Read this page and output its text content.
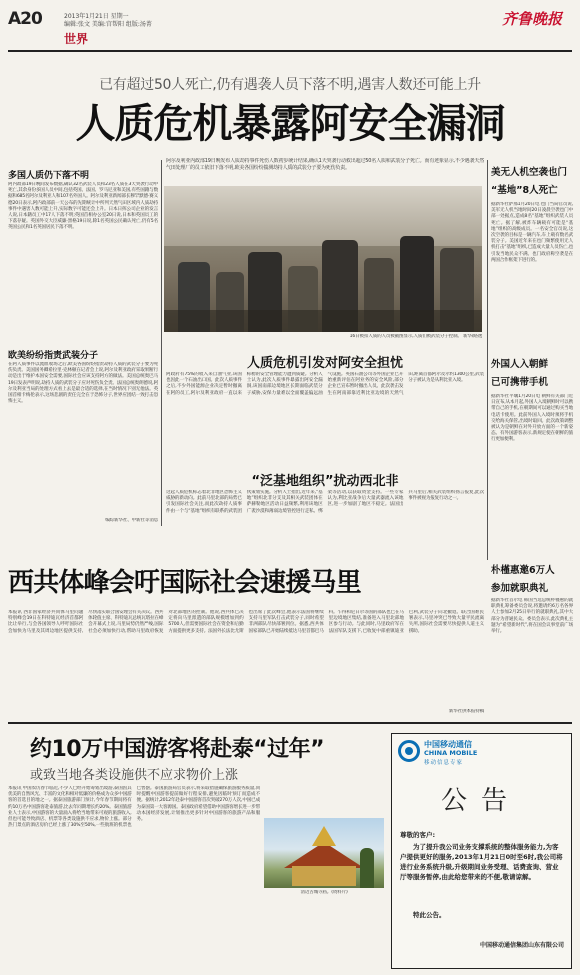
A20	2013年1月21日 星期一
编辑:张文 美编:宫帮阳 组版:汤菁
世界
齐鲁晚报
已有超过50人死亡,仍有遇袭人员下落不明,遇害人数还可能上升
人质危机暴露阿安全漏洞
阿尔及利亚内政部19日晚发布人质劫持事件死伤人数初步统计结果,确认1天突袭行动救出超过50名人质和武装分子死亡。而有迹象显示,不少遇袭天然气田处理厂的员工依旧下落不明,欧美各国纷纷揣测劫持人质的武装分子要为死伤负责。
16日被扣人质的人员被截图显示,人质们被武装分子控制。 新华/路透
多国人质仍下落不明
阿内政部19日晚间发布数据,确认32名武装人员和23名人质在3天突袭行动中死亡,其余身份多国人员中间,包括英国、法国、罗马尼亚和美国,有些国籍与数据和685名阿尔及利亚人和107名外国人。阿尔及利亚新闻部长穆罕默德·赛义德20日表示,阿内政部前一天公布的先期统计中所列天然气田区域内人质劫持事件中遇害人数可能上升,实际数字可能还会上升。日本日挥公司企业的发言人说,日本籍员工中17人下落不明;英国首相办公室20日说,日本和英国员工的下落存疑。英国外交大臣威廉·黑格19日说,除1名英国公民确认死亡,仍有5名英国公民和1名英国居民下落不明。
欧美纷纷指责武装分子
在阿人质事件以流血收场之后,欧美各国纷纷指责劫持人质的武装分子要为死伤负责。美国国务卿希拉里·克林顿在记者会上说,阿尔及利亚政府采取果断行动是出于维护本国安全需要,国际社会应该支持阿方的做法。美国总统奥巴马19日发表声明说,劫持人质的武装分子应对死伤负全责。法国总统奥朗德说,阿尔及利亚当局的处理方式看上去是最合适的选择,在当时情况下别无他法。英国首相卡梅伦表示,这场悲剧的责任完全在于恐怖分子,世界应团结一致打击恐怖主义。
编综新华社、中新社等消息
人质危机引发对阿安全担忧
阿政府有75%的收入来自油气业,该国也因此一个石油出口国。此次人质事件之后,不少外国能源企业决定暂时撤离在阿的员工,阿尔及利亚政府一直以来标榜的安全管理能力遭到质疑。分析人士认为,此次人质事件暴露出阿安全漏洞,该国南部边境地区长期面临武装分子威胁,安保力量难以全面覆盖偏远油气设施。英国石油公司等外国企业已开始重新评估在阿业务的安全风险,部分企业已宣布暂时撤出人员。此次袭击发生在阿南部靠近利比亚边境的天然气田,距离首都阿尔及尔约1300公里,武装分子被认为是从利比亚入境。
“泛基地组织”扰动西北非
这起人质危机标志着北非地区恐怖主义威胁的新动向。此前马里北部的局势已引发国际社会关注,而此次劫持人质事件由一个与“基地”组织有联系的武装团伙策划实施。分析人士指出,近年来,“基地”组织北非分支及其相关武装团体在萨赫勒地区活动日益频繁,利用该地区广袤沙漠和薄弱边境管控进行走私、绑架等活动,以获取资金支持。一些专家认为,利比亚战争后大量武器流入该地区,进一步加剧了地区不稳定。法国出兵马里后,相关武装组织扬言报复,此次事件被视为报复行动之一。
美无人机空袭也门
“基地”8人死亡
据新华社萨那1月20日电 也门当局官员说,美军无人机当地时间20日凌晨空袭也门中部一处据点,造成8名“基地”组织武装人员死亡。据了解,被炸车辆载有可能是“基地”组织的高级成员。一名安全官员说,这次空袭的目标是一辆汽车,车上载有数名武装分子。美国近年来在也门频繁使用无人机打击“基地”组织,已造成大量人员伤亡,也引发当地民众不满。也门政府称空袭是在两国合作框架下进行的。
外国人入朝鲜
已可携带手机
据新华社平壤1月20日电 朝鲜有关部门近日宣布,从本月起,外国人入境朝鲜时可以携带自己的手机,在朝期间可以通过购买当地电话卡使用。此前外国人入境时须将手机交给海关保管,出境时取回。此次政策调整被认为是朝鲜在对外开放方面的一个新姿态。有外国游客表示,新规定使在朝鲜的旅行更加便利。
朴槿惠邀6万人
参加就职典礼
据新华社首尔电 韩国当选总统朴槿惠的就职典礼筹备委员会说,将邀请约6万名各界人士参加2月25日举行的就职典礼,其中大部分为普通民众。委员会表示,此次典礼主题为“希望新时代”,将在国会议事堂前广场举行。
西共体峰会吁国际社会速援马里
本报讯 西非国家经济共同体马里问题特别峰会19日在科特迪瓦经济首都阿比让举行,与会各国领导人呼吁国际社会加快为马里及其周边地区提供支持,尽快落实联合国安理会有关决议。西共体轮值主席、科特迪瓦总统瓦塔拉在峰会开幕式上说,马里局势仍然严峻,国际社会必须加快行动,帮助马里政府恢复对北部地区的控制。他说,西共体已决定将向马里派遣的部队规模增加到约5700人,但需要国际社会在资金和后勤方面提供更多支持。法国外长法比尤斯也出席了此次峰会,他表示法国将继续支持马里军队打击武装分子,同时希望非洲部队尽快部署到位。据悉,西共体国家部队已开始陆续抵达马里首都巴马科。乍得和尼日尔等国的部队也已在马里边境地区集结,准备进入马里北部地区参与行动。与此同时,马里政府军在法国军队支援下,已收复中部重镇迪亚巴利,武装分子向北撤退。联合国难民署表示,马里冲突已导致大量平民流离失所,国际社会需要尽快提供人道主义援助。
新华社供本报特稿
约10万中国游客将赴泰“过年”
或致当地各类设施供不应求物价上涨
本报讯 中国农历春节临近,不少人已经开始筹划出境游,泰国因其优美的自然风光、丰富的文化和相对低廉的价格成为众多中国游客的首选目的地之一。据泰国旅游部门预计,今年春节期间将有约10万名中国游客赴泰旅游,比去年同期增长约20%。泰国旅游业人士表示,中国游客的大量涌入将给当地带来可观的旅游收入,但也可能导致酒店、机票等各类设施供不应求,物价上涨。部分热门景点的酒店房价已经上涨了30%至50%,一些航班的机票也已售罄。泰国旅游局官员表示,将采取措施确保旅游服务质量,同时提醒中国游客提前做好行程安排,避免因临时预订而造成不便。据统计,2012年赴泰中国游客首次突破270万人次,中国已成为泰国第一大客源国。泰国政府希望借助中国游客增长进一步带动本国经济发展,计划推出更多针对中国游客的旅游产品和服务。
清迈古城寺庙。(资料片)
中国移动通信
CHINA MOBILE
移动信息专家
公告
尊敬的客户:
为了提升我公司业务支撑系统的整体服务能力,为客户提供更好的服务,2013年1月21日0时至6时,我公司将进行业务系统升级,升级期间业务受理、话费查询、营业厅等服务暂停,由此给您带来的不便,敬请谅解。
特此公告。
中国移动通信集团山东有限公司
